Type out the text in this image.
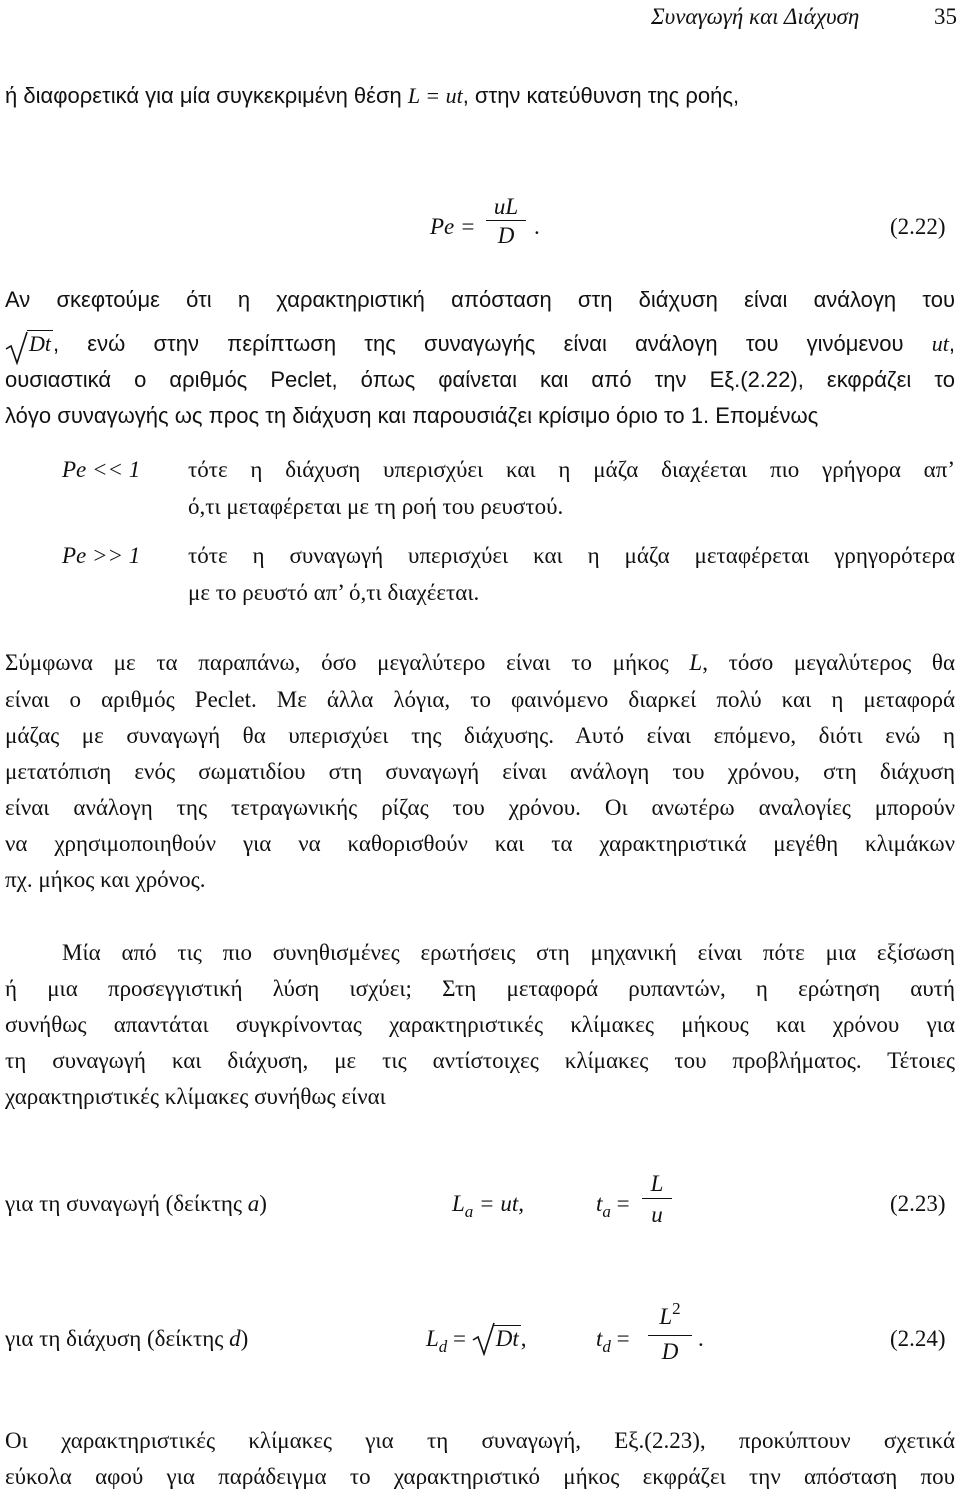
Συναγωγή και Διάχυση	35
ή διαφορετικά για μία συγκεκριμένη θέση L = ut, στην κατεύθυνση της ροής,
Pe =
uL
D .	(2.22)
Αν σκεφτούμε ότι η χαρακτηριστική απόσταση στη διάχυση είναι ανάλογη του
Dt, ενώ στην περίπτωση της συναγωγής είναι ανάλογη του γινόμενου ut,
ουσιαστικά ο αριθμός Peclet, όπως φαίνεται και από την Εξ.(2.22), εκφράζει το
λόγο συναγωγής ως προς τη διάχυση και παρουσιάζει κρίσιμο όριο το 1. Επομένως
Pe << 1 τότε η διάχυση υπερισχύει και η μάζα διαχέεται πιο γρήγορα απ’
ό,τι μεταφέρεται με τη ροή του ρευστού.
Pe >> 1 τότε η συναγωγή υπερισχύει και η μάζα μεταφέρεται γρηγορότερα
με το ρευστό απ’ ό,τι διαχέεται.
Σύμφωνα με τα παραπάνω, όσο μεγαλύτερο είναι το μήκος L, τόσο μεγαλύτερος θα
είναι ο αριθμός Peclet. Με άλλα λόγια, το φαινόμενο διαρκεί πολύ και η μεταφορά
μάζας με συναγωγή θα υπερισχύει της διάχυσης. Αυτό είναι επόμενο, διότι ενώ η
μετατόπιση ενός σωματιδίου στη συναγωγή είναι ανάλογη του χρόνου, στη διάχυση
είναι ανάλογη της τετραγωνικής ρίζας του χρόνου. Οι ανωτέρω αναλογίες μπορούν
να χρησιμοποιηθούν για να καθορισθούν και τα χαρακτηριστικά μεγέθη κλιμάκων
πχ. μήκος και χρόνος.
Μία από τις πιο συνηθισμένες ερωτήσεις στη μηχανική είναι πότε μια εξίσωση
ή μια προσεγγιστική λύση ισχύει; Στη μεταφορά ρυπαντών, η ερώτηση αυτή
συνήθως απαντάται συγκρίνοντας χαρακτηριστικές κλίμακες μήκους και χρόνου για
τη συναγωγή και διάχυση, με τις αντίστοιχες κλίμακες του προβλήματος. Τέτοιες
χαρακτηριστικές κλίμακες συνήθως είναι
για τη συναγωγή (δείκτης a)	$L_a$ = ut,	$t_a$ =
L
u	(2.23)
για τη διάχυση (δείκτης d)	$L_d = Dt$,	$t_d$ =
$L^2$
D
.	(2.24)
Οι χαρακτηριστικές κλίμακες για τη συναγωγή, Εξ.(2.23), προκύπτουν σχετικά
εύκολα αφού για παράδειγμα το χαρακτηριστικό μήκος εκφράζει την απόσταση που
